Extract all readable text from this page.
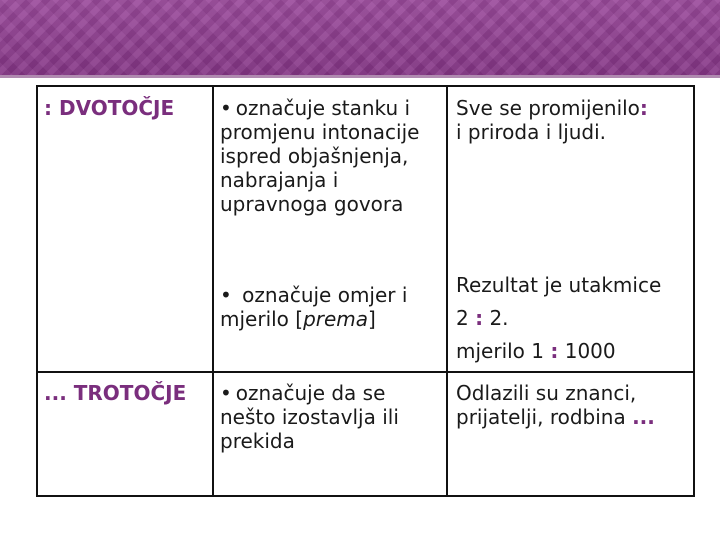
: DVOTOČJE • označuje stanku i
promjenu intonacije
ispred objašnjenja,
nabrajanja i
upravnoga govora
Sve se promijenilo:
i priroda i ljudi.
• označuje omjer i
mjerilo [prema]
Rezultat je utakmice
2 : 2.
mjerilo 1 : 1000
... TROTOČJE • označuje da se
nešto izostavlja ili
prekida
Odlazili su znanci,
prijatelji, rodbina ...
